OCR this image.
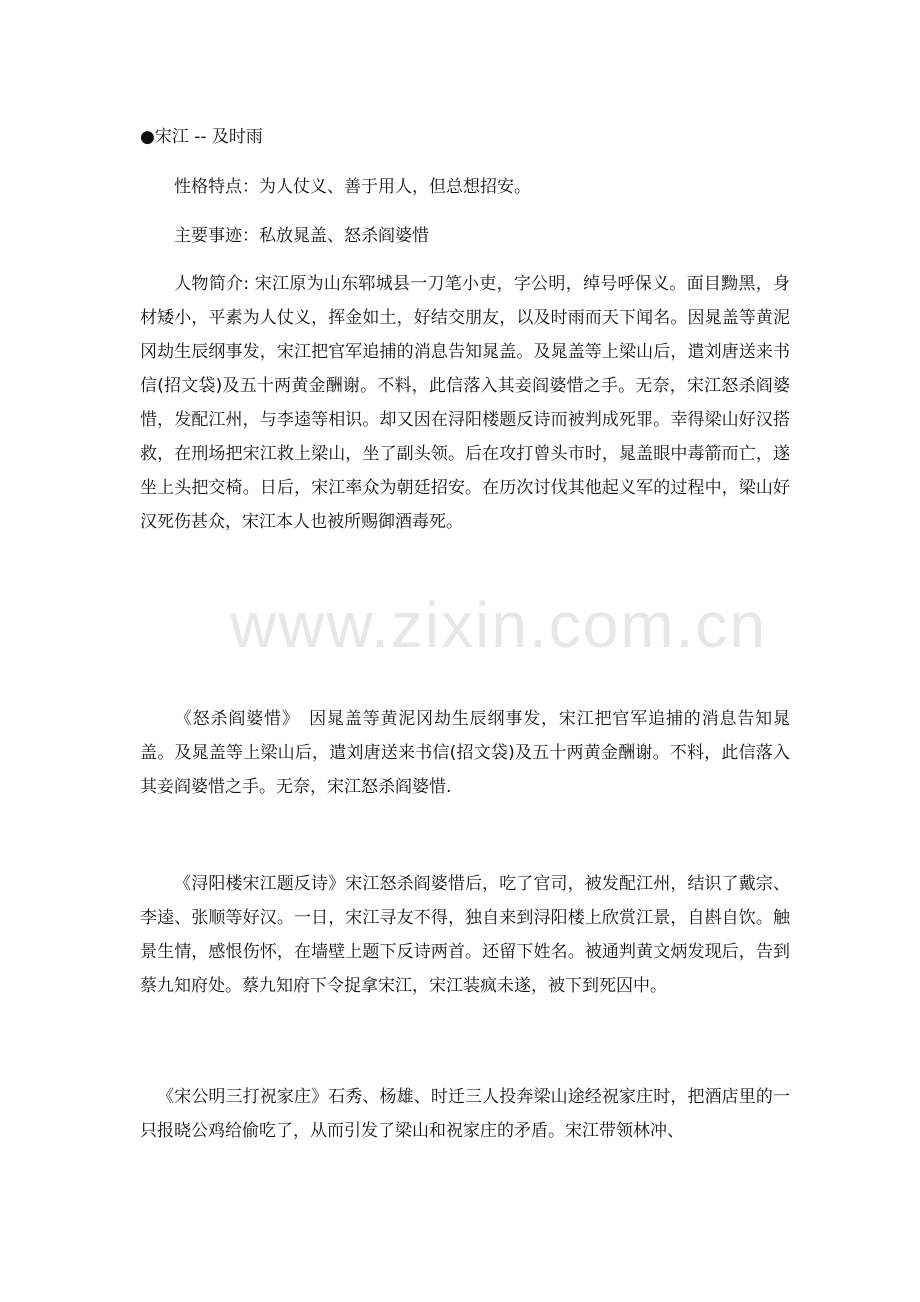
●宋江 -- 及时雨

性格特点：为人仗义、善于用人，但总想招安。

主要事迹：私放晁盖、怒杀阎婆惜

人物简介: 宋江原为山东郓城县一刀笔小吏，字公明，绰号呼保义。面目黝黑，身材矮小，平素为人仗义，挥金如土，好结交朋友，以及时雨而天下闻名。因晁盖等黄泥冈劫生辰纲事发，宋江把官军追捕的消息告知晁盖。及晁盖等上梁山后，遣刘唐送来书信(招文袋)及五十两黄金酬谢。不料，此信落入其妾阎婆惜之手。无奈，宋江怒杀阎婆惜，发配江州，与李逵等相识。却又因在浔阳楼题反诗而被判成死罪。幸得梁山好汉搭救，在刑场把宋江救上梁山，坐了副头领。后在攻打曾头市时，晁盖眼中毒箭而亡，遂坐上头把交椅。日后，宋江率众为朝廷招安。在历次讨伐其他起义军的过程中，梁山好汉死伤甚众，宋江本人也被所赐御酒毒死。

《怒杀阎婆惜》　因晁盖等黄泥冈劫生辰纲事发，宋江把官军追捕的消息告知晁盖。及晁盖等上梁山后，遣刘唐送来书信(招文袋)及五十两黄金酬谢。不料，此信落入其妾阎婆惜之手。无奈，宋江怒杀阎婆惜.

《浔阳楼宋江题反诗》宋江怒杀阎婆惜后，吃了官司，被发配江州，结识了戴宗、李逵、张顺等好汉。一日，宋江寻友不得，独自来到浔阳楼上欣赏江景，自斟自饮。触景生情，感恨伤怀，在墙壁上题下反诗两首。还留下姓名。被通判黄文炳发现后，告到蔡九知府处。蔡九知府下令捉拿宋江，宋江装疯未遂，被下到死囚中。

《宋公明三打祝家庄》石秀、杨雄、时迁三人投奔梁山途经祝家庄时，把酒店里的一只报晓公鸡给偷吃了，从而引发了梁山和祝家庄的矛盾。宋江带领林冲、

www.zixin.com.cn
